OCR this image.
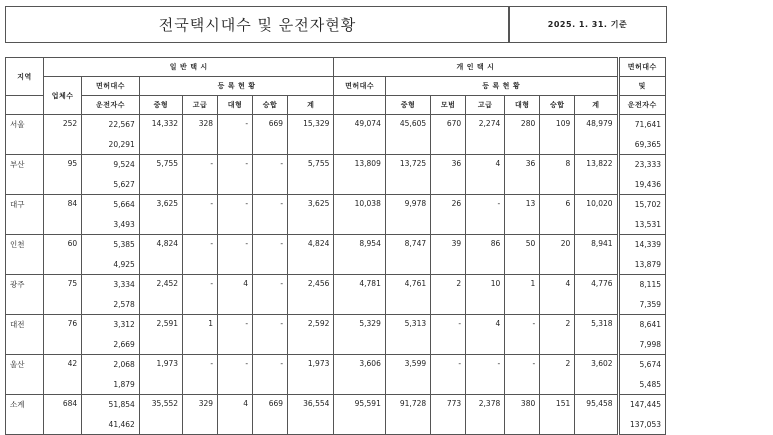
전국택시대수 및 운전자현황	2025. 1. 31. 기준
지역	일 반 택 시							개 인 택 시							면허대수
	업체수	면허대수	등 록 현 황					면허대수	등 록 현 황						및
		운전자수	중형	고급	대형	승합	계		중형	모범	고급	대형	승합	계	운전자수
서울	252	22,567	14,332	328	-	669	15,329	49,074	45,605	670	2,274	280	109	48,979	71,641
		20,291													69,365
부산	95	9,524	5,755	-	-	-	5,755	13,809	13,725	36	4	36	8	13,822	23,333
		5,627													19,436
대구	84	5,664	3,625	-	-	-	3,625	10,038	9,978	26	-	13	6	10,020	15,702
		3,493													13,531
인천	60	5,385	4,824	-	-	-	4,824	8,954	8,747	39	86	50	20	8,941	14,339
		4,925													13,879
광주	75	3,334	2,452	-	4	-	2,456	4,781	4,761	2	10	1	4	4,776	8,115
		2,578													7,359
대전	76	3,312	2,591	1	-	-	2,592	5,329	5,313	-	4	-	2	5,318	8,641
		2,669													7,998
울산	42	2,068	1,973	-	-	-	1,973	3,606	3,599	-	-	-	2	3,602	5,674
		1,879													5,485
소계	684	51,854	35,552	329	4	669	36,554	95,591	91,728	773	2,378	380	151	95,458	147,445
		41,462													137,053
